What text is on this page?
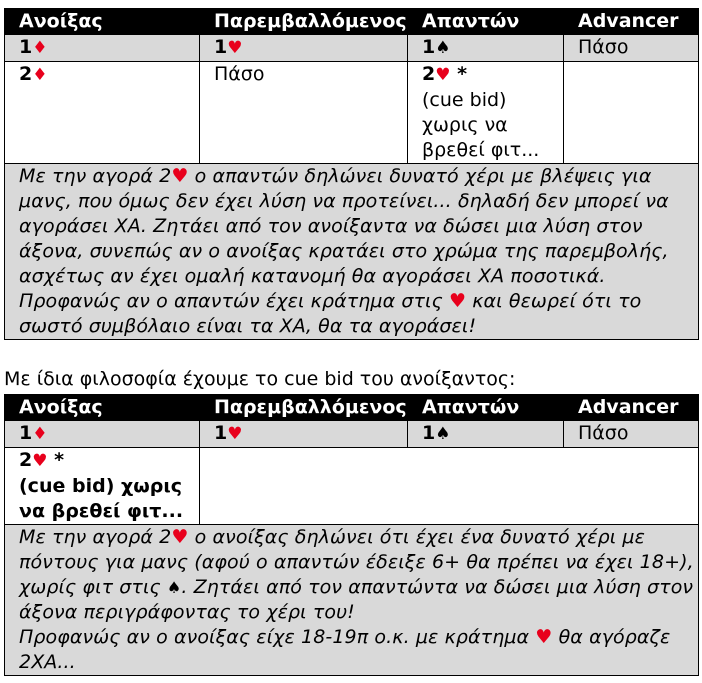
Ανοίξας	Παρεμβαλλόμενος	Απαντών	Advancer
1♦	1♥	1♠	Πάσο
2♦	Πάσο	2♥ *
(cue bid) χωρις να βρεθεί φιτ...	
Με την αγορά 2♥ ο απαντών δηλώνει δυνατό χέρι με βλέψεις για μανς, που όμως δεν έχει λύση να προτείνει... δηλαδή δεν μπορεί να αγοράσει ΧΑ. Ζητάει από τον ανοίξαντα να δώσει μια λύση στον άξονα, συνεπώς αν ο ανοίξας κρατάει στο χρώμα της παρεμβολής, ασχέτως αν έχει ομαλή κατανομή θα αγοράσει ΧΑ ποσοτικά.
Προφανώς αν ο απαντών έχει κράτημα στις ♥ και θεωρεί ότι το σωστό συμβόλαιο είναι τα ΧΑ, θα τα αγοράσει!			
Με ίδια φιλοσοφία έχουμε το cue bid του ανοίξαντος:
Ανοίξας	Παρεμβαλλόμενος	Απαντών	Advancer
1♦	1♥	1♠	Πάσο
2♥ *
(cue bid) χωρις να βρεθεί φιτ...			
Με την αγορά 2♥ ο ανοίξας δηλώνει ότι έχει ένα δυνατό χέρι με πόντους για μανς (αφού ο απαντών έδειξε 6+ θα πρέπει να έχει 18+), χωρίς φιτ στις ♠. Ζητάει από τον απαντώντα να δώσει μια λύση στον άξονα περιγράφοντας το χέρι του!
Προφανώς αν ο ανοίξας είχε 18-19π ο.κ. με κράτημα ♥ θα αγόραζε 2ΧΑ...			
